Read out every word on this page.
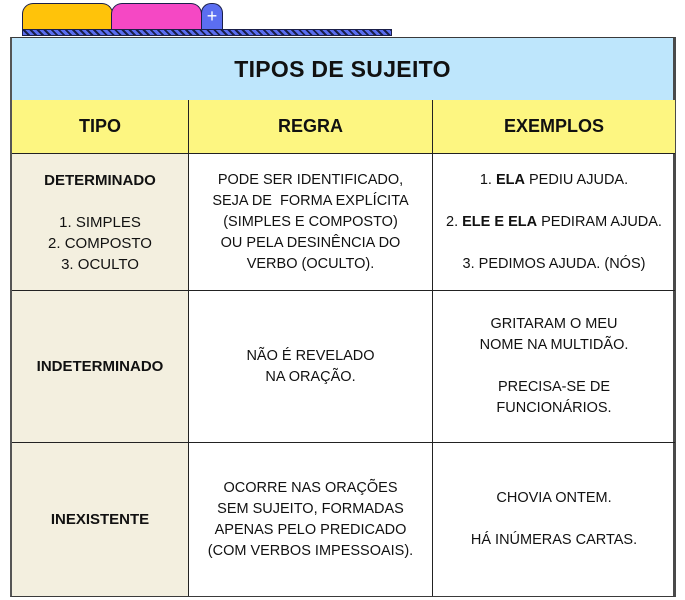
+
TIPOS DE SUJEITO
TIPO	REGRA	EXEMPLOS
DETERMINADO
1. SIMPLES
2. COMPOSTO
3. OCULTO
PODE SER IDENTIFICADO,
SEJA DE  FORMA EXPLÍCITA
(SIMPLES E COMPOSTO)
OU PELA DESINÊNCIA DO
VERBO (OCULTO).
1. ELA PEDIU AJUDA.
2. ELE E ELA PEDIRAM AJUDA.
3. PEDIMOS AJUDA. (NÓS)
INDETERMINADO
NÃO É REVELADO
NA ORAÇÃO.
GRITARAM O MEU
NOME NA MULTIDÃO.
PRECISA-SE DE
FUNCIONÁRIOS.
INEXISTENTE
OCORRE NAS ORAÇÕES
SEM SUJEITO, FORMADAS
APENAS PELO PREDICADO
(COM VERBOS IMPESSOAIS).
CHOVIA ONTEM.
HÁ INÚMERAS CARTAS.
